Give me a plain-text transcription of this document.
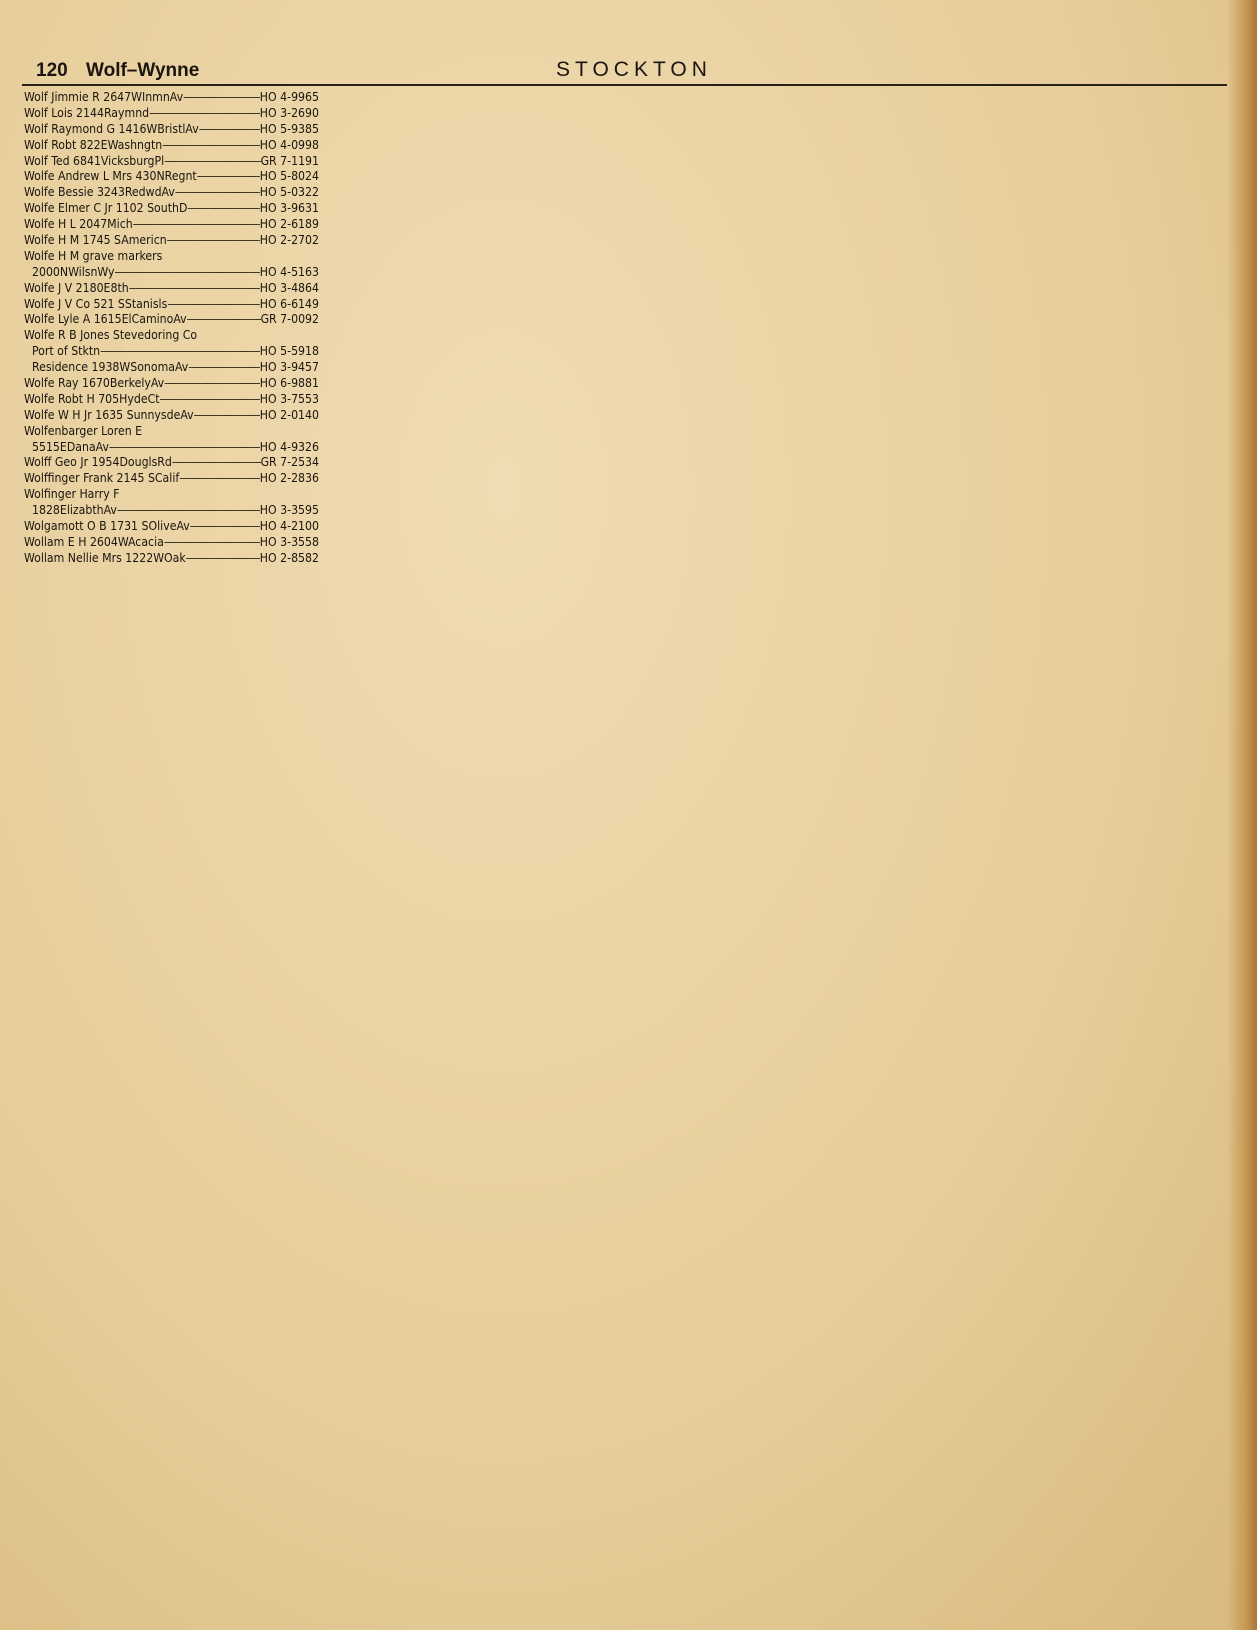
120 Wolf–Wynne	STOCKTON
Wolf Jimmie R 2647WInmnAv -----	HO 4-9965
Wolf Lois 2144Raymnd -----	HO 3-2690
Wolf Raymond G 1416WBristlAv -----	HO 5-9385
Wolf Robt 822EWashngtn -----	HO 4-0998
Wolf Ted 6841VicksburgPl -----	GR 7-1191
Wolfe Andrew L Mrs 430NRegnt -----	HO 5-8024
Wolfe Bessie 3243RedwdAv -----	HO 5-0322
Wolfe Elmer C Jr 1102 SouthD -----	HO 3-9631
Wolfe H L 2047Mich -----	HO 2-6189
Wolfe H M 1745 SAmericn -----	HO 2-2702
Wolfe H M grave markers
2000NWilsnWy -----	HO 4-5163
Wolfe J V 2180E8th -----	HO 3-4864
Wolfe J V Co 521 SStanisls -----	HO 6-6149
Wolfe Lyle A 1615ElCaminoAv -----	GR 7-0092
Wolfe R B Jones Stevedoring Co
Port of Stktn -----	HO 5-5918
Residence 1938WSonomaAv -----	HO 3-9457
Wolfe Ray 1670BerkelyAv -----	HO 6-9881
Wolfe Robt H 705HydeCt -----	HO 3-7553
Wolfe W H Jr 1635 SunnysdeAv -----	HO 2-0140
Wolfenbarger Loren E
5515EDanaAv -----	HO 4-9326
Wolff Geo Jr 1954DouglsRd -----	GR 7-2534
Wolffinger Frank 2145 SCalif -----	HO 2-2836
Wolfinger Harry F
1828ElizabthAv -----	HO 3-3595
Wolgamott O B 1731 SOliveAv -----	HO 4-2100
Wollam E H 2604WAcacia -----	HO 3-3558
Wollam Nellie Mrs 1222WOak -----	HO 2-8582
